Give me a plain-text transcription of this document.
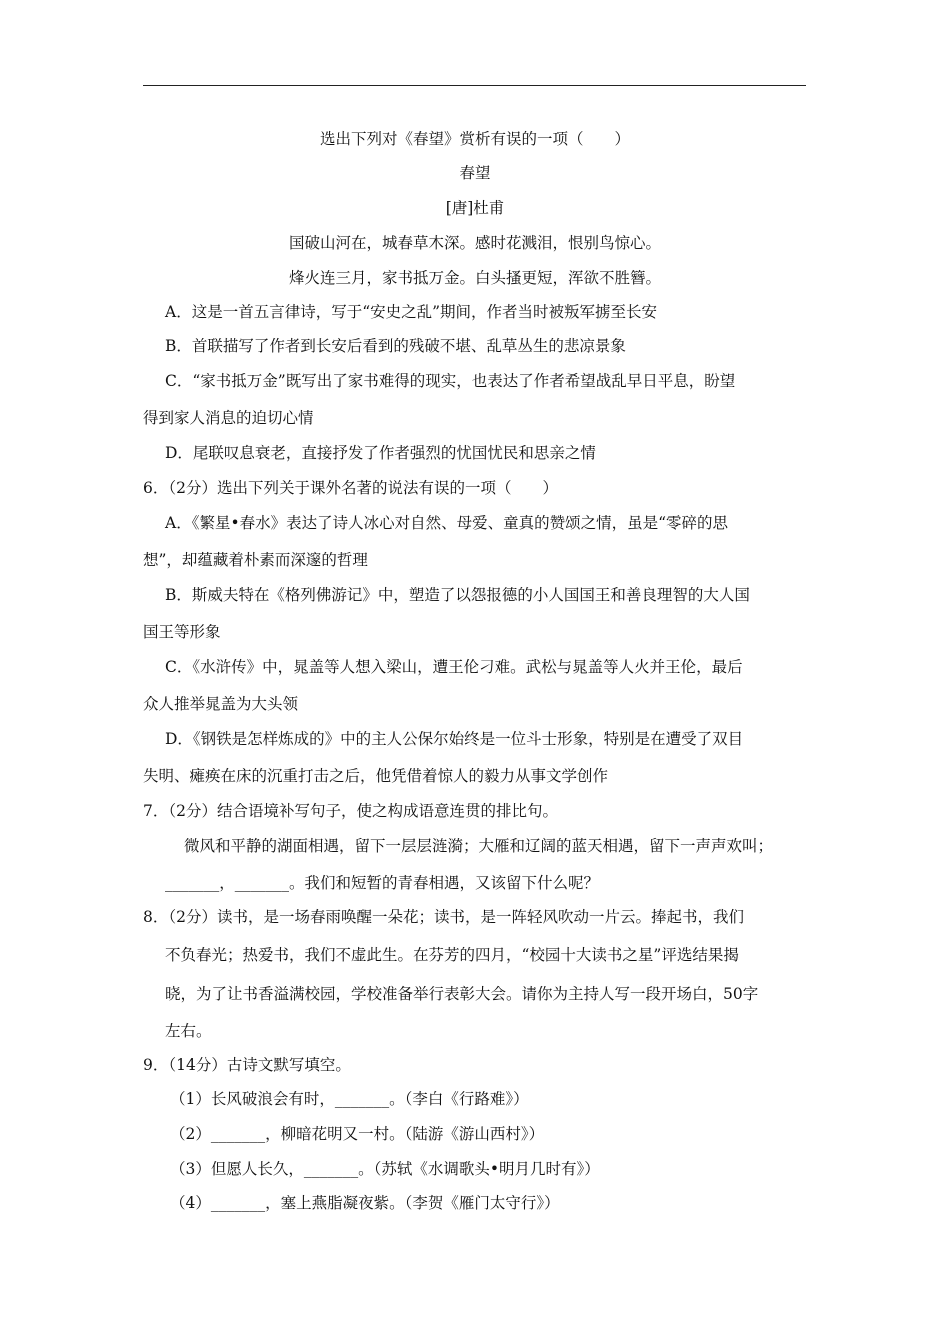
选出下列对《春望》赏析有误的一项（　　）
春望
[唐]杜甫
国破山河在，城春草木深。感时花溅泪，恨别鸟惊心。
烽火连三月，家书抵万金。白头搔更短，浑欲不胜簪。
A．这是一首五言律诗，写于“安史之乱”期间，作者当时被叛军掳至长安
B．首联描写了作者到长安后看到的残破不堪、乱草丛生的悲凉景象
C．“家书抵万金”既写出了家书难得的现实，也表达了作者希望战乱早日平息，盼望
得到家人消息的迫切心情
D．尾联叹息衰老，直接抒发了作者强烈的忧国忧民和思亲之情
6．（2分）选出下列关于课外名著的说法有误的一项（　　）
A．《繁星•春水》表达了诗人冰心对自然、母爱、童真的赞颂之情，虽是“零碎的思
想”，却蕴藏着朴素而深邃的哲理
B．斯威夫特在《格列佛游记》中，塑造了以怨报德的小人国国王和善良理智的大人国
国王等形象
C．《水浒传》中，晁盖等人想入梁山，遭王伦刁难。武松与晁盖等人火并王伦，最后
众人推举晁盖为大头领
D．《钢铁是怎样炼成的》中的主人公保尔始终是一位斗士形象，特别是在遭受了双目
失明、瘫痪在床的沉重打击之后，他凭借着惊人的毅力从事文学创作
7．（2分）结合语境补写句子，使之构成语意连贯的排比句。
微风和平静的湖面相遇，留下一层层涟漪；大雁和辽阔的蓝天相遇，留下一声声欢叫；
_______，_______。我们和短暂的青春相遇，又该留下什么呢？
8．（2分）读书，是一场春雨唤醒一朵花；读书，是一阵轻风吹动一片云。捧起书，我们
不负春光；热爱书，我们不虚此生。在芬芳的四月，“校园十大读书之星”评选结果揭
晓，为了让书香溢满校园，学校准备举行表彰大会。请你为主持人写一段开场白，50字
左右。
9．（14分）古诗文默写填空。
（1）长风破浪会有时，_______。（李白《行路难》）
（2）_______，柳暗花明又一村。（陆游《游山西村》）
（3）但愿人长久，_______。（苏轼《水调歌头•明月几时有》）
（4）_______，塞上燕脂凝夜紫。（李贺《雁门太守行》）
